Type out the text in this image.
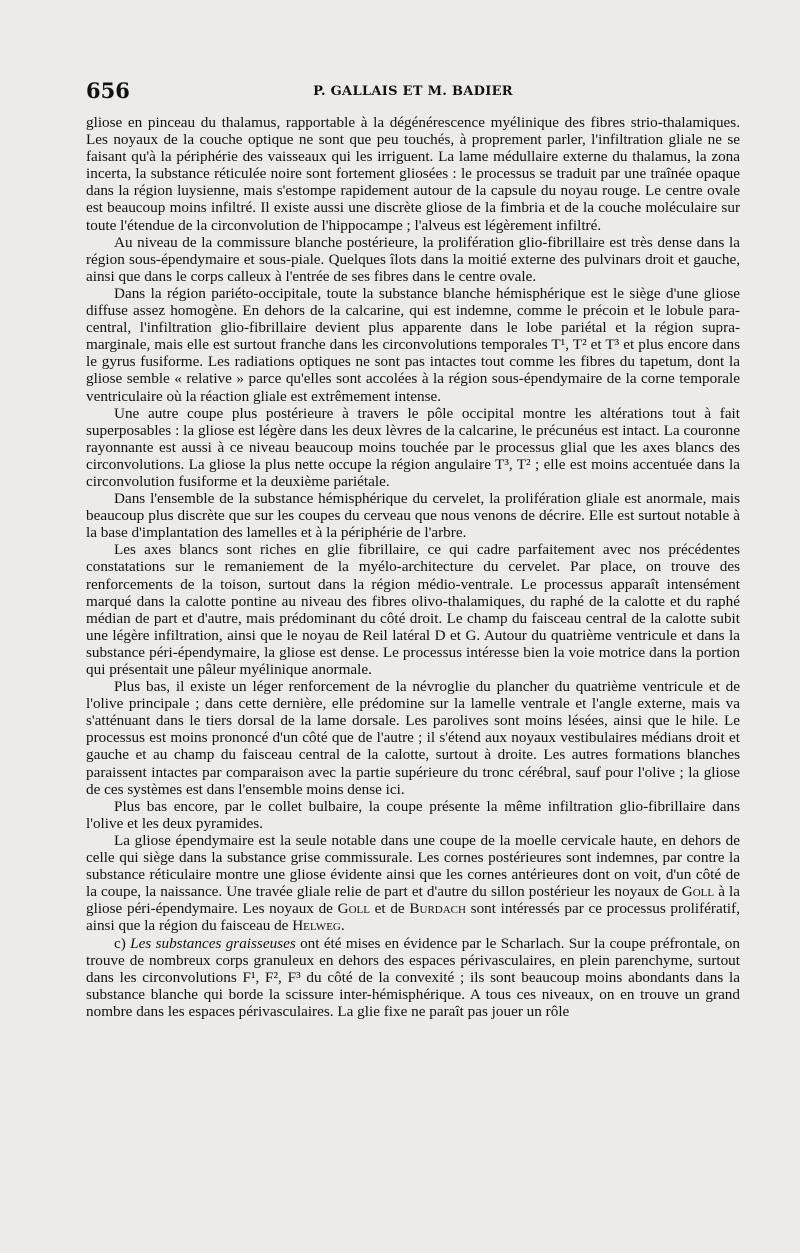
656	P. GALLAIS ET M. BADIER

gliose en pinceau du thalamus, rapportable à la dégénérescence myélinique des fibres strio-thalamiques. Les noyaux de la couche optique ne sont que peu touchés, à proprement parler, l'infiltration gliale ne se faisant qu'à la périphérie des vaisseaux qui les irriguent. La lame médullaire externe du thalamus, la zona incerta, la substance réticulée noire sont fortement gliosées : le processus se traduit par une traînée opaque dans la région luysienne, mais s'estompe rapidement autour de la capsule du noyau rouge. Le centre ovale est beaucoup moins infiltré. Il existe aussi une discrète gliose de la fimbria et de la couche moléculaire sur toute l'étendue de la circonvolution de l'hippocampe ; l'alveus est légèrement infiltré.

Au niveau de la commissure blanche postérieure, la prolifération glio-fibrillaire est très dense dans la région sous-épendymaire et sous-piale. Quelques îlots dans la moitié externe des pulvinars droit et gauche, ainsi que dans le corps calleux à l'entrée de ses fibres dans le centre ovale.

Dans la région pariéto-occipitale, toute la substance blanche hémisphérique est le siège d'une gliose diffuse assez homogène. En dehors de la calcarine, qui est indemne, comme le précoin et le lobule para-central, l'infiltration glio-fibrillaire devient plus apparente dans le lobe pariétal et la région supra-marginale, mais elle est surtout franche dans les circonvolutions temporales T¹, T² et T³ et plus encore dans le gyrus fusiforme. Les radiations optiques ne sont pas intactes tout comme les fibres du tapetum, dont la gliose semble « relative » parce qu'elles sont accolées à la région sous-épendymaire de la corne temporale ventriculaire où la réaction gliale est extrêmement intense.

Une autre coupe plus postérieure à travers le pôle occipital montre les altérations tout à fait superposables : la gliose est légère dans les deux lèvres de la calcarine, le précunéus est intact. La couronne rayonnante est aussi à ce niveau beaucoup moins touchée par le processus glial que les axes blancs des circonvolutions. La gliose la plus nette occupe la région angulaire T³, T² ; elle est moins accentuée dans la circonvolution fusiforme et la deuxième pariétale.

Dans l'ensemble de la substance hémisphérique du cervelet, la prolifération gliale est anormale, mais beaucoup plus discrète que sur les coupes du cerveau que nous venons de décrire. Elle est surtout notable à la base d'implantation des lamelles et à la périphérie de l'arbre.

Les axes blancs sont riches en glie fibrillaire, ce qui cadre parfaitement avec nos précédentes constatations sur le remaniement de la myélo-architecture du cervelet. Par place, on trouve des renforcements de la toison, surtout dans la région médio-ventrale. Le processus apparaît intensément marqué dans la calotte pontine au niveau des fibres olivo-thalamiques, du raphé de la calotte et du raphé médian de part et d'autre, mais prédominant du côté droit. Le champ du faisceau central de la calotte subit une légère infiltration, ainsi que le noyau de Reil latéral D et G. Autour du quatrième ventricule et dans la substance péri-épendymaire, la gliose est dense. Le processus intéresse bien la voie motrice dans la portion qui présentait une pâleur myélinique anormale.

Plus bas, il existe un léger renforcement de la névroglie du plancher du quatrième ventricule et de l'olive principale ; dans cette dernière, elle prédomine sur la lamelle ventrale et l'angle externe, mais va s'atténuant dans le tiers dorsal de la lame dorsale. Les parolives sont moins lésées, ainsi que le hile. Le processus est moins prononcé d'un côté que de l'autre ; il s'étend aux noyaux vestibulaires médians droit et gauche et au champ du faisceau central de la calotte, surtout à droite. Les autres formations blanches paraissent intactes par comparaison avec la partie supérieure du tronc cérébral, sauf pour l'olive ; la gliose de ces systèmes est dans l'ensemble moins dense ici.

Plus bas encore, par le collet bulbaire, la coupe présente la même infiltration glio-fibrillaire dans l'olive et les deux pyramides.

La gliose épendymaire est la seule notable dans une coupe de la moelle cervicale haute, en dehors de celle qui siège dans la substance grise commissurale. Les cornes postérieures sont indemnes, par contre la substance réticulaire montre une gliose évidente ainsi que les cornes antérieures dont on voit, d'un côté de la coupe, la naissance. Une travée gliale relie de part et d'autre du sillon postérieur les noyaux de Goll à la gliose péri-épendymaire. Les noyaux de Goll et de Burdach sont intéressés par ce processus prolifératif, ainsi que la région du faisceau de Helweg.

c) Les substances graisseuses ont été mises en évidence par le Scharlach. Sur la coupe préfrontale, on trouve de nombreux corps granuleux en dehors des espaces périvasculaires, en plein parenchyme, surtout dans les circonvolutions F¹, F², F³ du côté de la convexité ; ils sont beaucoup moins abondants dans la substance blanche qui borde la scissure inter-hémisphérique. A tous ces niveaux, on en trouve un grand nombre dans les espaces périvasculaires. La glie fixe ne paraît pas jouer un rôle
